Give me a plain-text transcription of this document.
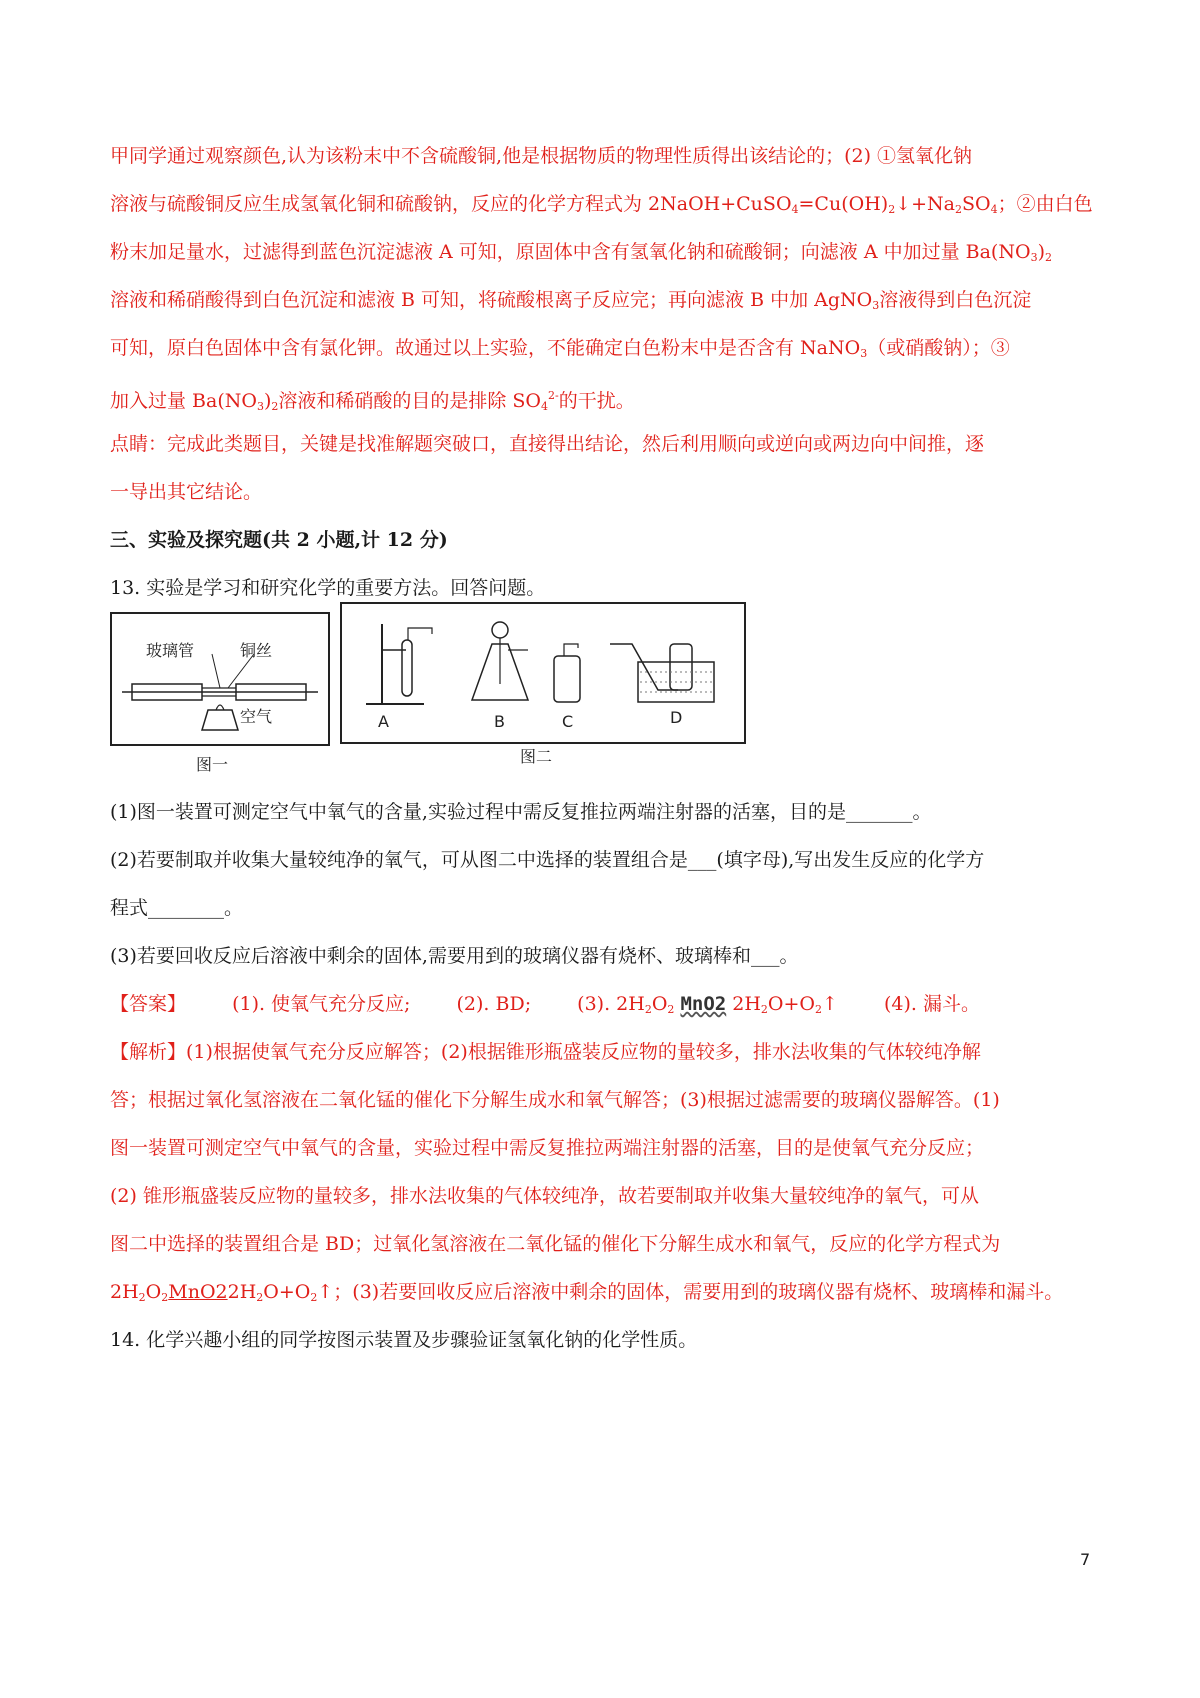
甲同学通过观察颜色,认为该粉末中不含硫酸铜,他是根据物质的物理性质得出该结论的；(2) ①氢氧化钠
溶液与硫酸铜反应生成氢氧化铜和硫酸钠，反应的化学方程式为 $2NaOH+CuSO_4=Cu(OH)_2↓+Na_2SO_4$；②由白色
粉末加足量水，过滤得到蓝色沉淀滤液 A 可知，原固体中含有氢氧化钠和硫酸铜；向滤液 A 中加过量 $Ba(NO_3)_2$
溶液和稀硝酸得到白色沉淀和滤液 B 可知，将硫酸根离子反应完；再向滤液 B 中加 AgNO$_3$溶液得到白色沉淀
可知，原白色固体中含有氯化钾。故通过以上实验，不能确定白色粉末中是否含有 NaNO$_3$（或硝酸钠）；③
加入过量 $Ba(NO_3)_2$溶液和稀硝酸的目的是排除 $SO_4^{2-}$的干扰。
点睛：完成此类题目，关键是找准解题突破口，直接得出结论，然后利用顺向或逆向或两边向中间推，逐
一导出其它结论。
三、实验及探究题(共 2 小题,计 12 分)
13. 实验是学习和研究化学的重要方法。回答问题。
玻璃管	铜丝
空气
图一
A	B	C	D
图二
(1)图一装置可测定空气中氧气的含量,实验过程中需反复推拉两端注射器的活塞，目的是_______。
(2)若要制取并收集大量较纯净的氧气，可从图二中选择的装置组合是___(填字母),写出发生反应的化学方
程式________。
(3)若要回收反应后溶液中剩余的固体,需要用到的玻璃仪器有烧杯、玻璃棒和___。
【答案】 (1). 使氧气充分反应; (2). BD; (3). $2H_2O_2$ MnO2 $2H_2O+O_2↑$ (4). 漏斗。
【解析】(1)根据使氧气充分反应解答；(2)根据锥形瓶盛装反应物的量较多，排水法收集的气体较纯净解
答；根据过氧化氢溶液在二氧化锰的催化下分解生成水和氧气解答；(3)根据过滤需要的玻璃仪器解答。(1)
图一装置可测定空气中氧气的含量，实验过程中需反复推拉两端注射器的活塞，目的是使氧气充分反应；
(2) 锥形瓶盛装反应物的量较多，排水法收集的气体较纯净，故若要制取并收集大量较纯净的氧气，可从
图二中选择的装置组合是 BD；过氧化氢溶液在二氧化锰的催化下分解生成水和氧气，反应的化学方程式为
$2H_2O_2MnO22H_2O+O_2↑$；(3)若要回收反应后溶液中剩余的固体，需要用到的玻璃仪器有烧杯、玻璃棒和漏斗。
14. 化学兴趣小组的同学按图示装置及步骤验证氢氧化钠的化学性质。
7
